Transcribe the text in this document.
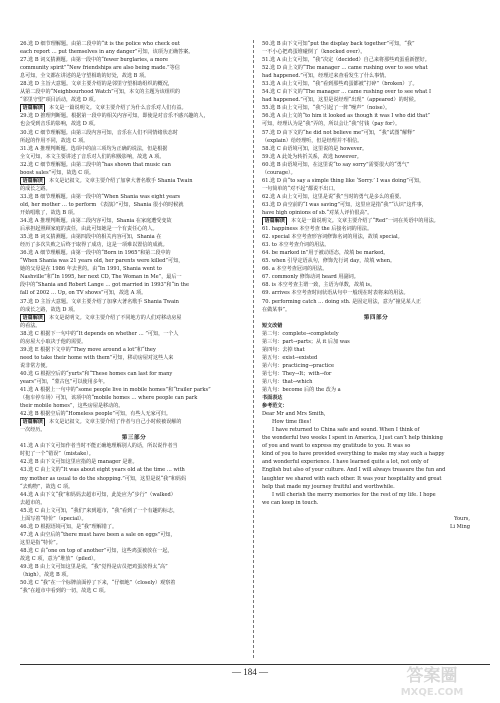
26.选 D 细节理解题。由第二段中的“it is the police who check out
each report … put themselves in any danger”可知，该项为正确答案。
27.选 B 词义猜测题。由第一段中的“fewer burglaries, a more
community spirit”“New friendships are also being made.”等信
息可知，全文都在讲述的是守望相助的好处，故选 B 项。
28.选 D 主旨大意题。文章主要介绍的是邻里守望相助组织的概况，
从第二段中的“Neighbourhood Watch”可知，本文的主题为该组织的
“邻里守望”项目活动，故选 D 项。
语篇解读 本文是一篇说明文。文章主要介绍了为什么音乐对人们有益。
29.选 D 推理判断题。根据第一段中的相关内容可知，即使是对音乐不感兴趣的人，
也会受到音乐的影响，故选 D 项。
30.选 C 细节理解题。由第三段内容可知，音乐在人们不同情绪状态时
所起的作用不同，故选 C 项。
31.选 A 推理判断题。选项中的前三项均为正确的说法，但是根据
全文可知，本文主要讲述了音乐对人们的积极影响，故选 A 项。
32.选 C 细节理解题。由第二段中的“has shown that music can
boost sales”可知，故选 C 项。
语篇解读 本文是记叙文。文章主要介绍了加拿大著名歌手 Shania Twain
的成长之路。
33.选 B 细节理解题。由第一段中的“When Shania was eight years
old, her mother … to perform 《表演》”可知，Shania 很小的时候就
开始唱歌了，故选 B 项。
34.选 A 推理判断题。由第二段内容可知，Shania 在家庭遭受变故
后承担起照顾家庭的责任，由此可知她是一个有责任心的人。
35.选 B 词义猜测题。由第四段中的相关内容可知，Shania 在
经历了多次失败之后终于取得了成功，这是一项难以置信的成就。
36.选 A 细节理解题。由第一段中的“Born in 1965”和第二段中的
“When Shania was 21 years old, her parents were killed”可知，
她的父母是在 1986 年去世的。由“In 1991, Shania went to
Nashville”和“In 1995, her next CD, The Woman in Me”，最后一
段中的“Shania and Robert Lange … got married in 1993”和“in the
fall of 2002 … Up, on TV shows”可知，故选 A 项。
37.选 D 主旨大意题。文章主要介绍了加拿大著名歌手 Shania Twain
的成长之路，故选 D 项。
语篇解读 本文是说明文。文章主要介绍了不同地方的人们对移动房屋
的看法。
38.选 C 根据下一句中的“It depends on whether … ”可知，一个人
的房屋大小取决于他的需要。
39.选 E 根据下文中的“They move around a lot”和“they
need to take their home with them”可知，移动房屋对这些人来
说非常方便。
40.选 G 根据空后的“yurts”和“These homes can last for many
years”可知，“蒙古包”可以使用多年。
41.选 A 根据上一句中的“some people live in mobile homes”和“trailer parks”
（拖车停车场）可知，该项中的“mobile homes … where people can park
their mobile homes”，这些房屋是移动的。
42.选 B 根据空后的“Homeless people”可知，有些人无家可归。
语篇解读 本文是记叙文。文章主要介绍了作者与自己小时候被误解的
一次经历。
第三部分
41.选 A 由下文可知作者当时不能正确地理解别人的话，所以说作者当
时犯了一个“错误”（mistake）。
42.选 B 由下文可知这里应指的是 manager 是谁。
43.选 C 由上文的“It was about eight years old at the time … with
my mother as usual to do the shopping.”可知，这里是说“我”和妈妈
“去购物”，故选 C 项。
44.选 A 由下文“我”和妈妈去超市可知，此处应为“步行”（walked）
去超市的。
45.选 C 由上文可知，“我们”来到超市，“我”看到了一个有趣的标志，
上面写着“特价”（special）。
46.选 D 根据语境可知，是“我”理解错了。
47.选 A 由空后的“there must have been a sale on eggs”可知，
这里是指“特价”。
48.选 C 由“one on top of another”可知，这些鸡蛋被放在一起，
故选 C 项，意为“堆放”（piled）。
49.选 B 由上文可知这里是说，“我”觉得是店员把鸡蛋放得太“高”
（high），故选 B 项。
50.选 C “我”在一个标牌前面停了下来，“仔细地”（closely）观察着
“我”在超市中看到的一切，故选 C 项。
50.选 B 由下文可知“put the display back together”可知，“我”
一不小心把鸡蛋堆碰倒了（knocked over）。
51.选 A 由上文可知，“我”决定（decided）自己来将那些鸡蛋重新摆好。
52.选 D 由上文的“The manager … came rushing over to see what
had happened.”可知，经理过来查看发生了什么事情。
53.选 A 由上文可知，“我”看到那些鸡蛋都被“打碎”（broken）了。
54.选 C 由下文的“The manager … came rushing over to see what I
had happened.”可知，这里是说经理“出现”（appeared）的时候。
55.选 B 由上文可知，“我”引起了一阵“噪声”（noise）。
56.选 A 由上文的“to him it looked as though it was I who did that”
可知，经理认为是“我”弄的，所以会让“我”付钱（pay for）。
57.选 D 由下文的“he did not believe me”可知，“我”试图“解释”
（explain）给经理听，但是经理并不相信。
58.选 C 由语境可知，这里说的是 however。
59.选 A 此处为转折关系，故选 however。
60.选 B 由语境可知，在这里说“to say sorry”需要很大的“勇气”
（courage）。
61.选 D 由“to say a simple thing like ‘Sorry.’ I was doing”可知，
一句简单的“对不起”都说不出口。
62.选 A 由上文可知，这里是说“我”当时的勇气是多么的重要。
63.选 D 由空前的“I was saving”可知，这里应是指“我”“认识”这件事，
have high opinions of sb.“对某人评价很高”。
语篇解读 本文是一篇说明文。文章主要介绍了“Red”一词在英语中的用法。
61. happiness 本空考查 the 后接名词的用法。
62. special 本空考查形容词修饰名词的用法，故填 special。
63. to 本空考查介词的用法。
64. be marked in”用于被动语态，故填 be marked。
65. when 引导定语从句，修饰先行词 day，故填 when。
66. a 本空考查冠词的用法。
67. commonly 修饰动词 heard 用副词。
68. is 本空考查主谓一致，主语为单数，故填 is。
69. arrives 本空考查时间状语从句中一般现在时表将来的用法。
70. performing catch … doing sth. 是固定用法，意为“撞见某人正
在做某事”。
第四部分
短文改错
第二句：complete→completely
第三句：part→parts；从 it 后加 was
第四句：去掉 that
第五句：exist→existed
第六句：practicing→practice
第七句：They→It；with→for
第八句：that→which
第九句：become 后的 the 改为 a
书面表达
参考范文：
Dear Mr and Mrs Smith,
How time flies!
I have returned to China safe and sound. When I think of
the wonderful two weeks I spent in America, I just can’t help thinking
of you and want to express my gratitude to you. It was so
kind of you to have provided everything to make my stay such a happy
and wonderful experience. I have learned quite a lot, not only of
English but also of your culture. And I will always treasure the fun and
laughter we shared with each other. It was your hospitality and great
help that made my journey fruitful and worthwhile.
I will cherish the merry memories for the rest of my life. I hope
we can keep in touch.
Yours,
Li Ming
— 184 —	答案圈
MXQE.COM
